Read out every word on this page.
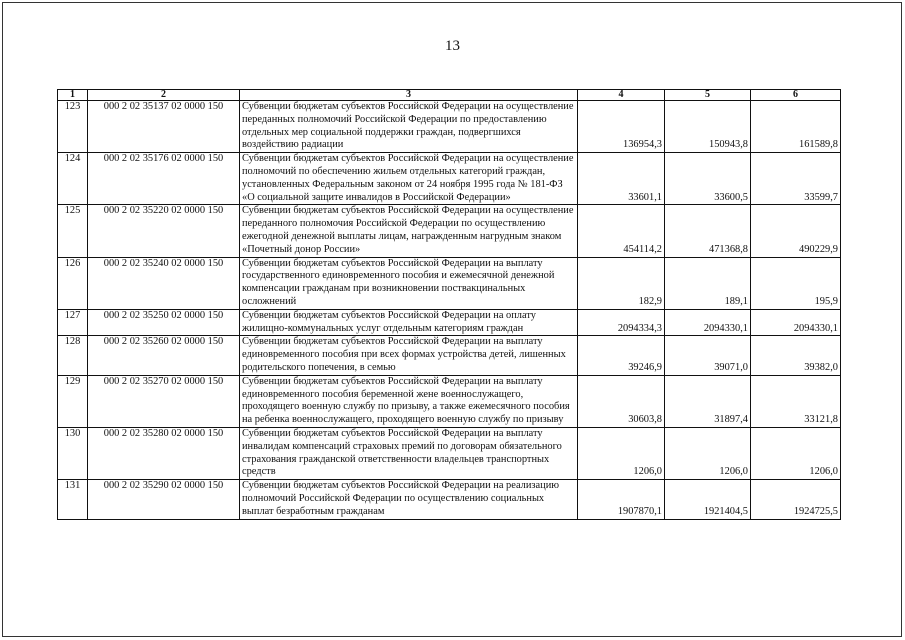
13
1	2	3	4	5	6
123	000 2 02 35137 02 0000 150	Субвенции бюджетам субъектов Российской Федерации на осуществление переданных полномочий Российской Федерации по предоставлению отдельных мер социальной поддержки граждан, подвергшихся воздействию радиации	136954,3	150943,8	161589,8
124	000 2 02 35176 02 0000 150	Субвенции бюджетам субъектов Российской Федерации на осуществление полномочий по обеспечению жильем отдельных категорий граждан, установленных Федеральным законом от 24 ноября 1995 года № 181-ФЗ «О социальной защите инвалидов в Российской Федерации»	33601,1	33600,5	33599,7
125	000 2 02 35220 02 0000 150	Субвенции бюджетам субъектов Российской Федерации на осуществление переданного полномочия Российской Федерации по осуществлению ежегодной денежной выплаты лицам, награжденным нагрудным знаком «Почетный донор России»	454114,2	471368,8	490229,9
126	000 2 02 35240 02 0000 150	Субвенции бюджетам субъектов Российской Федерации на выплату государственного единовременного пособия и ежемесячной денежной компенсации гражданам при возникновении поствакцинальных осложнений	182,9	189,1	195,9
127	000 2 02 35250 02 0000 150	Субвенции бюджетам субъектов Российской Федерации на оплату жилищно-коммунальных услуг отдельным категориям граждан	2094334,3	2094330,1	2094330,1
128	000 2 02 35260 02 0000 150	Субвенции бюджетам субъектов Российской Федерации на выплату единовременного пособия при всех формах устройства детей, лишенных родительского попечения, в семью	39246,9	39071,0	39382,0
129	000 2 02 35270 02 0000 150	Субвенции бюджетам субъектов Российской Федерации на выплату единовременного пособия беременной жене военнослужащего, проходящего военную службу по призыву, а также ежемесячного пособия на ребенка военнослужащего, проходящего военную службу по призыву	30603,8	31897,4	33121,8
130	000 2 02 35280 02 0000 150	Субвенции бюджетам субъектов Российской Федерации на выплату инвалидам компенсаций страховых премий по договорам обязательного страхования гражданской ответственности владельцев транспортных средств	1206,0	1206,0	1206,0
131	000 2 02 35290 02 0000 150	Субвенции бюджетам субъектов Российской Федерации на реализацию полномочий Российской Федерации по осуществлению социальных выплат безработным гражданам	1907870,1	1921404,5	1924725,5
